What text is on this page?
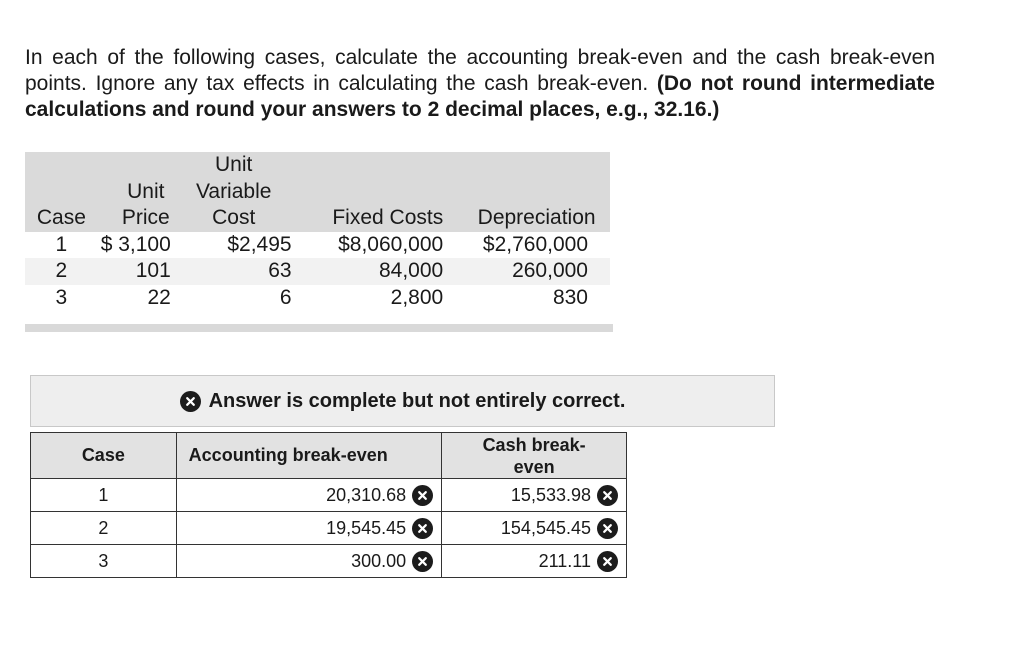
In each of the following cases, calculate the accounting break-even and the cash break-even points. Ignore any tax effects in calculating the cash break-even. (Do not round intermediate calculations and round your answers to 2 decimal places, e.g., 32.16.)
Case	Unit Price	Unit Variable Cost	Fixed Costs	Depreciation
1	$ 3,100	$2,495	$8,060,000	$2,760,000
2	101	63	84,000	260,000
3	22	6	2,800	830
Answer is complete but not entirely correct.
Case	Accounting break-even	Cash break-even
1	20,310.68	15,533.98

2	19,545.45	154,545.45

3	300.00	211.11
